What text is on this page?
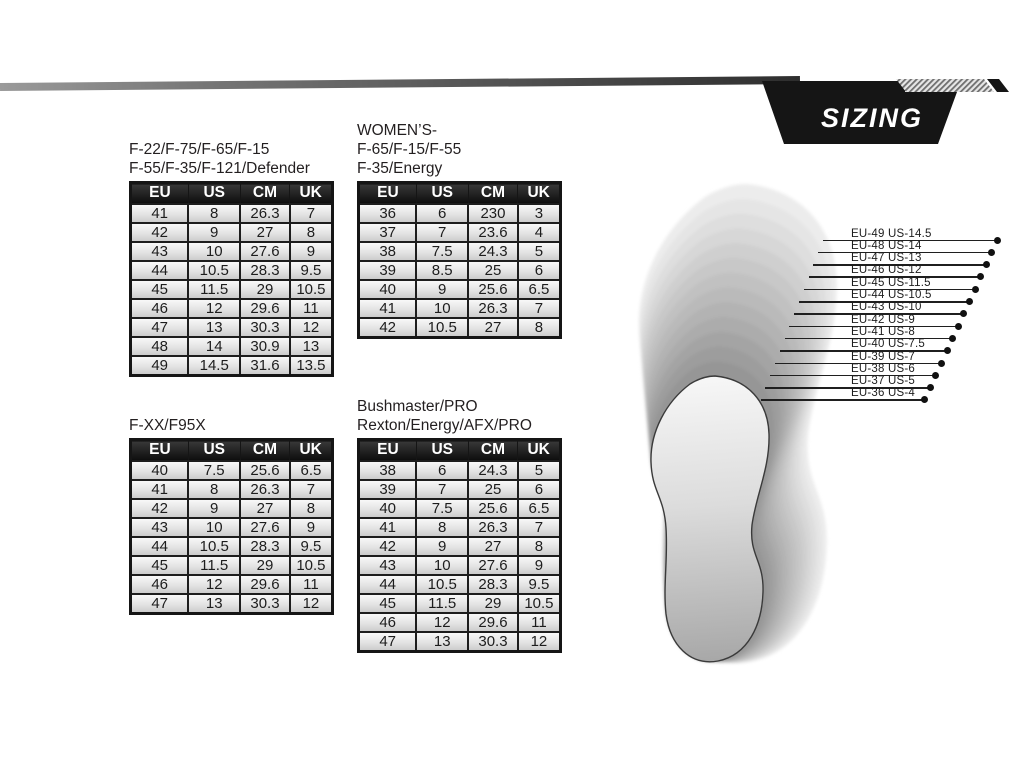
SIZING
F-22/F-75/F-65/F-15
F-55/F-35/F-121/Defender
EU	US	CM	UK
41	8	26.3	7
42	9	27	8
43	10	27.6	9
44	10.5	28.3	9.5
45	11.5	29	10.5
46	12	29.6	11
47	13	30.3	12
48	14	30.9	13
49	14.5	31.6	13.5
WOMEN’S-
F-65/F-15/F-55
F-35/Energy
EU	US	CM	UK
36	6	230	3
37	7	23.6	4
38	7.5	24.3	5
39	8.5	25	6
40	9	25.6	6.5
41	10	26.3	7
42	10.5	27	8
F-XX/F95X
EU	US	CM	UK
40	7.5	25.6	6.5
41	8	26.3	7
42	9	27	8
43	10	27.6	9
44	10.5	28.3	9.5
45	11.5	29	10.5
46	12	29.6	11
47	13	30.3	12
Bushmaster/PRO
Rexton/Energy/AFX/PRO
EU	US	CM	UK
38	6	24.3	5
39	7	25	6
40	7.5	25.6	6.5
41	8	26.3	7
42	9	27	8
43	10	27.6	9
44	10.5	28.3	9.5
45	11.5	29	10.5
46	12	29.6	11
47	13	30.3	12
EU-49 US-14.5
EU-48 US-14
EU-47 US-13
EU-46 US-12
EU-45 US-11.5
EU-44 US-10.5
EU-43 US-10
EU-42 US-9
EU-41 US-8
EU-40 US-7.5
EU-39 US-7
EU-38 US-6
EU-37 US-5
EU-36 US-4
